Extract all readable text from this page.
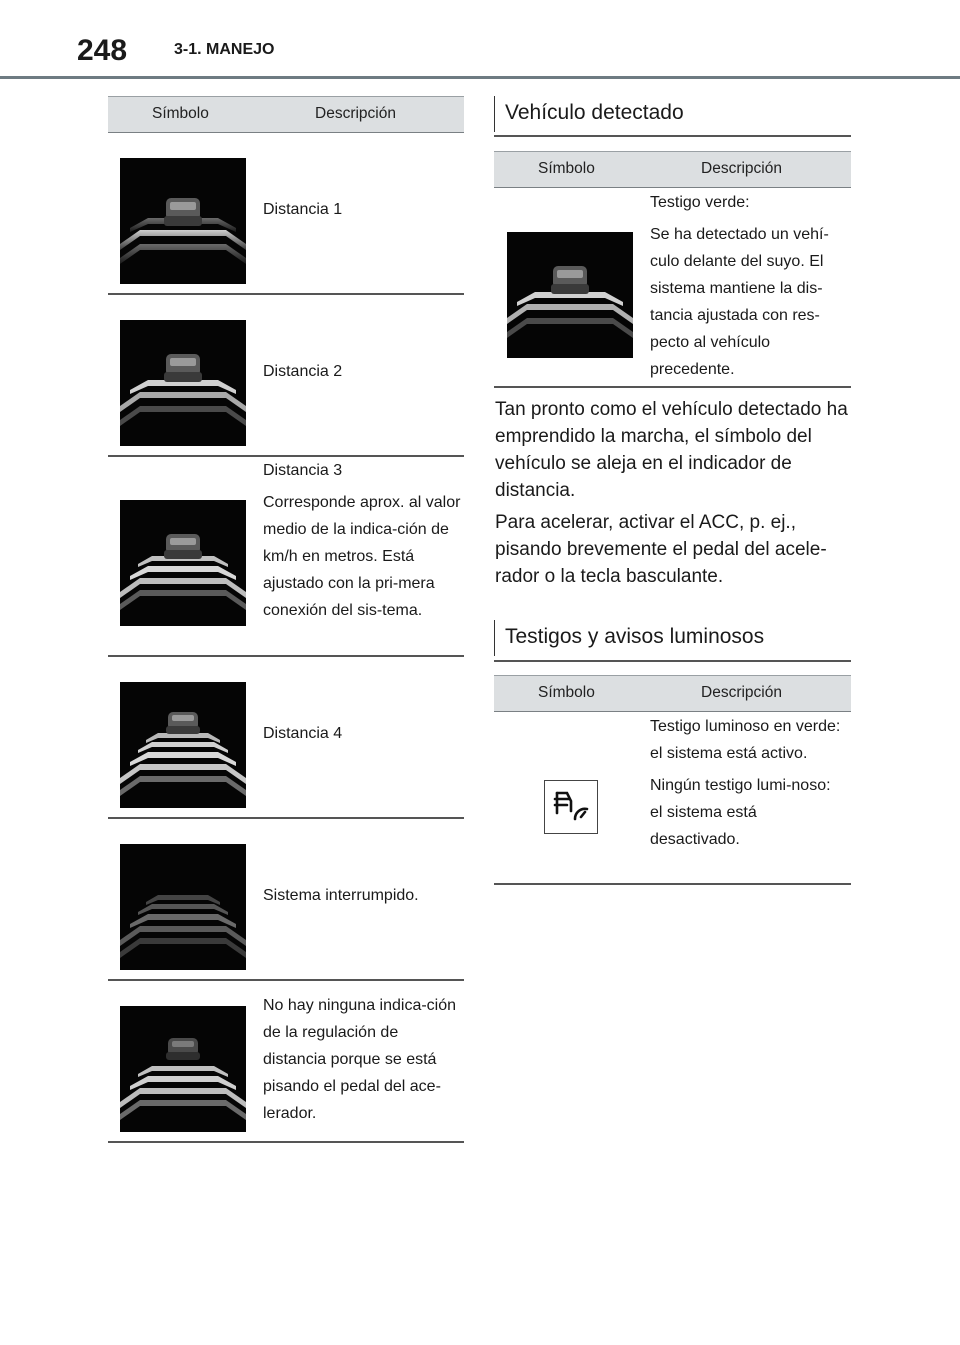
248	3-1. MANEJO
Símbolo	Descripción

Distancia 1

Distancia 2

Distancia 3

Corresponde aprox. al valor medio de la indica-ción de km/h en metros. Está ajustado con la pri-mera conexión del sis-tema.

Distancia 4

Sistema interrumpido.

No hay ninguna indica-ción de la regulación de distancia porque se está pisando el pedal del ace-lerador.

Vehículo detectado
Símbolo	Descripción

Testigo verde:

Se ha detectado un vehí-culo delante del suyo. El sistema mantiene la dis-tancia ajustada con res-pecto al vehículo precedente.

Tan pronto como el vehículo detectado ha emprendido la marcha, el símbolo del vehículo se aleja en el indicador de distancia.

Para acelerar, activar el ACC, p. ej., pisando brevemente el pedal del acele-rador o la tecla basculante.

Testigos y avisos luminosos
Símbolo	Descripción

Testigo luminoso en verde: el sistema está activo.

Ningún testigo lumi-noso: el sistema está desactivado.
